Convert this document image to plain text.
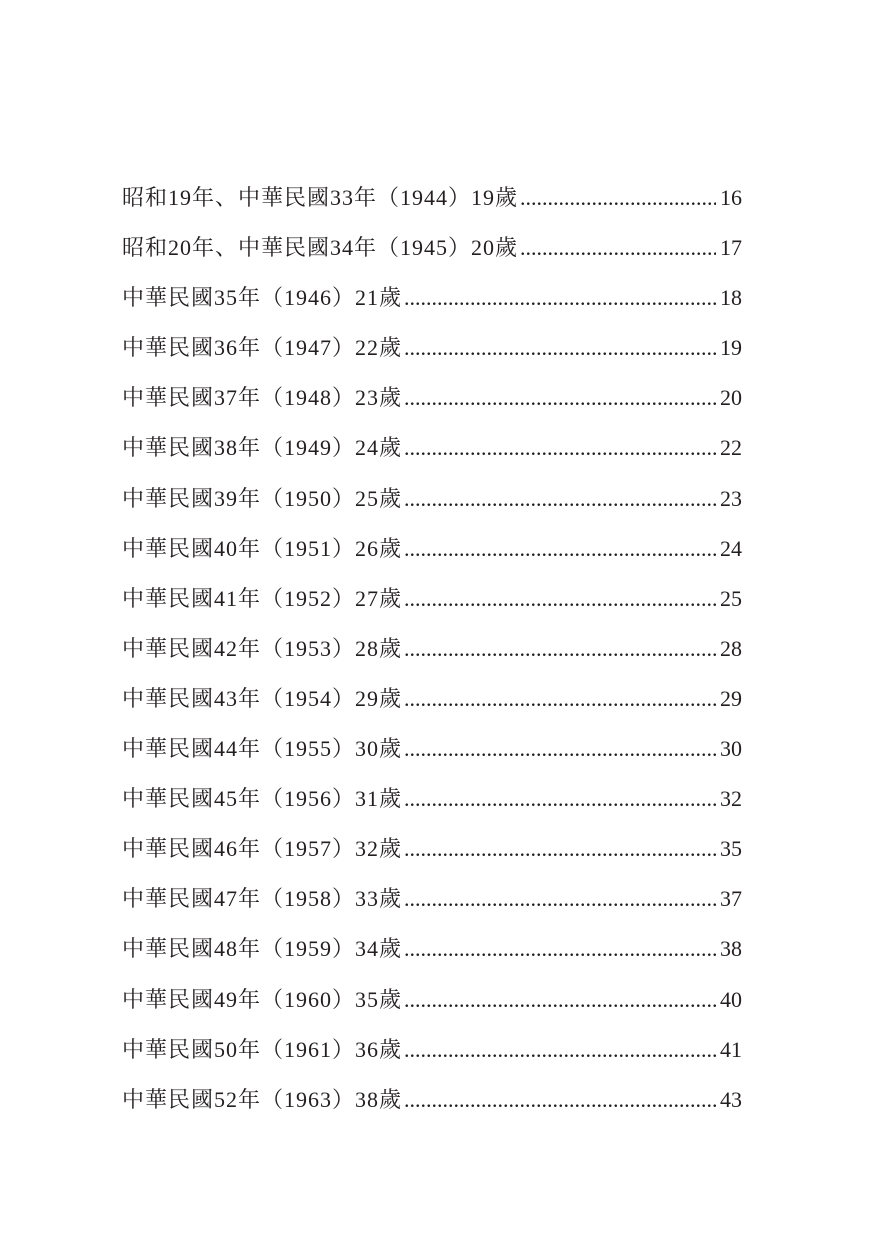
昭和19年、中華民國33年（1944）19歲 .....	16
昭和20年、中華民國34年（1945）20歲 .....	17
中華民國35年（1946）21歲 .....	18
中華民國36年（1947）22歲 .....	19
中華民國37年（1948）23歲 .....	20
中華民國38年（1949）24歲 .....	22
中華民國39年（1950）25歲 .....	23
中華民國40年（1951）26歲 .....	24
中華民國41年（1952）27歲 .....	25
中華民國42年（1953）28歲 .....	28
中華民國43年（1954）29歲 .....	29
中華民國44年（1955）30歲 .....	30
中華民國45年（1956）31歲 .....	32
中華民國46年（1957）32歲 .....	35
中華民國47年（1958）33歲 .....	37
中華民國48年（1959）34歲 .....	38
中華民國49年（1960）35歲 .....	40
中華民國50年（1961）36歲 .....	41
中華民國52年（1963）38歲 .....	43
